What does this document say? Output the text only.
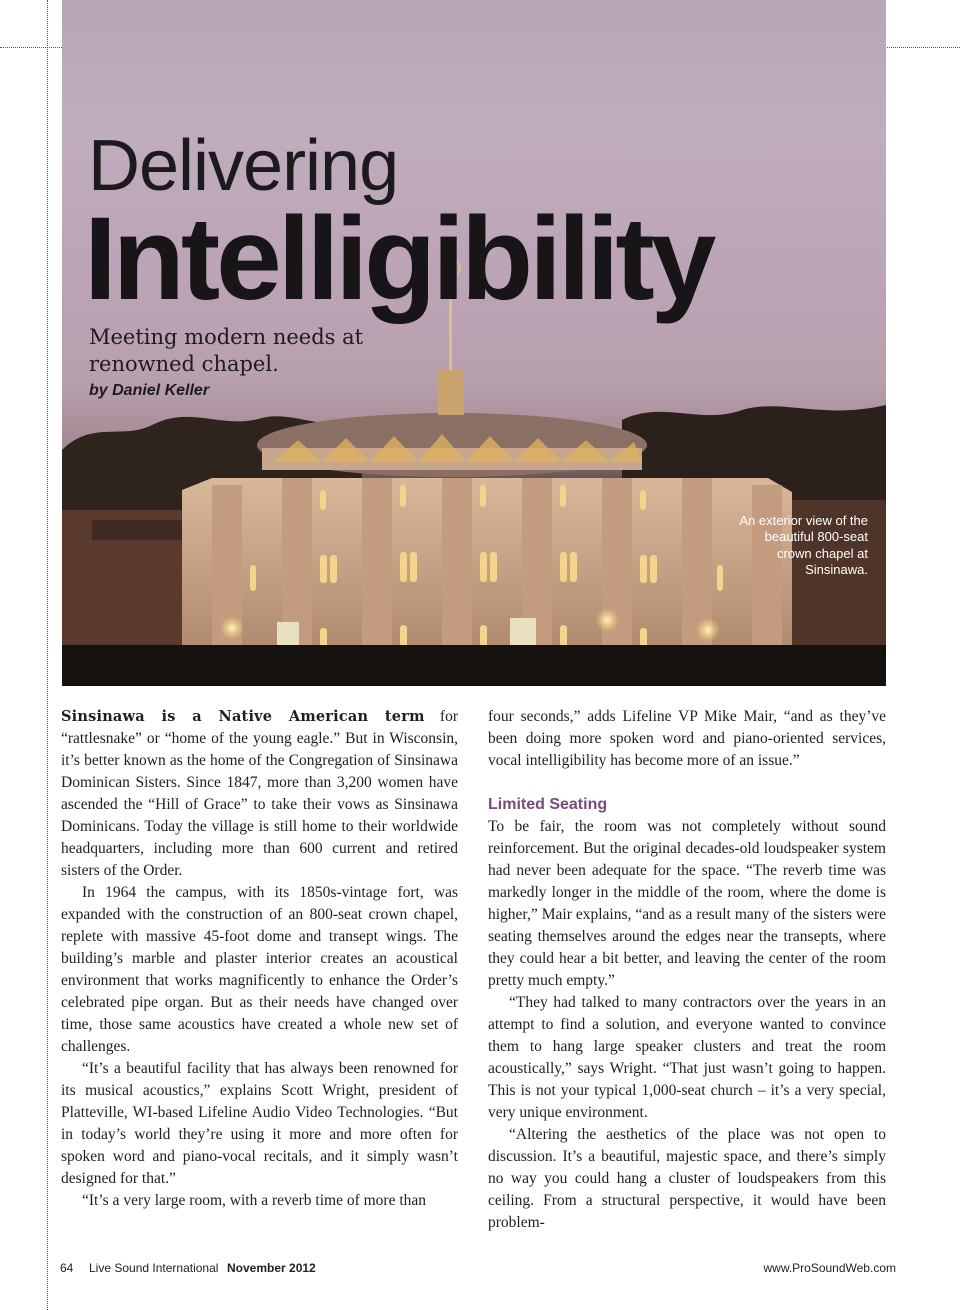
Delivering
Intelligibility
Meeting modern needs at renowned chapel.
by Daniel Keller
An exterior view of the beautiful 800-seat crown chapel at Sinsinawa.

Sinsinawa is a Native American term for “rattlesnake” or “home of the young eagle.” But in Wisconsin, it’s better known as the home of the Congregation of Sinsinawa Dominican Sisters. Since 1847, more than 3,200 women have ascended the “Hill of Grace” to take their vows as Sinsinawa Dominicans. Today the village is still home to their worldwide headquarters, including more than 600 current and retired sisters of the Order.

In 1964 the campus, with its 1850s-vintage fort, was expanded with the construction of an 800-seat crown chapel, replete with massive 45-foot dome and transept wings. The building’s marble and plaster interior creates an acoustical environment that works magnificently to enhance the Order’s celebrated pipe organ. But as their needs have changed over time, those same acoustics have created a whole new set of challenges.

“It’s a beautiful facility that has always been renowned for its musical acoustics,” explains Scott Wright, president of Platteville, WI-based Lifeline Audio Video Technologies. “But in today’s world they’re using it more and more often for spoken word and piano-vocal recitals, and it simply wasn’t designed for that.”

“It’s a very large room, with a reverb time of more than

four seconds,” adds Lifeline VP Mike Mair, “and as they’ve been doing more spoken word and piano-oriented services, vocal intelligibility has become more of an issue.”

Limited Seating

To be fair, the room was not completely without sound reinforcement. But the original decades-old loudspeaker system had never been adequate for the space. “The reverb time was markedly longer in the middle of the room, where the dome is higher,” Mair explains, “and as a result many of the sisters were seating themselves around the edges near the transepts, where they could hear a bit better, and leaving the center of the room pretty much empty.”

“They had talked to many contractors over the years in an attempt to find a solution, and everyone wanted to convince them to hang large speaker clusters and treat the room acoustically,” says Wright. “That just wasn’t going to happen. This is not your typical 1,000-seat church – it’s a very special, very unique environment.

“Altering the aesthetics of the place was not open to discussion. It’s a beautiful, majestic space, and there’s simply no way you could hang a cluster of loudspeakers from this ceiling. From a structural perspective, it would have been problem-

64 Live Sound International November 2012	www.ProSoundWeb.com
